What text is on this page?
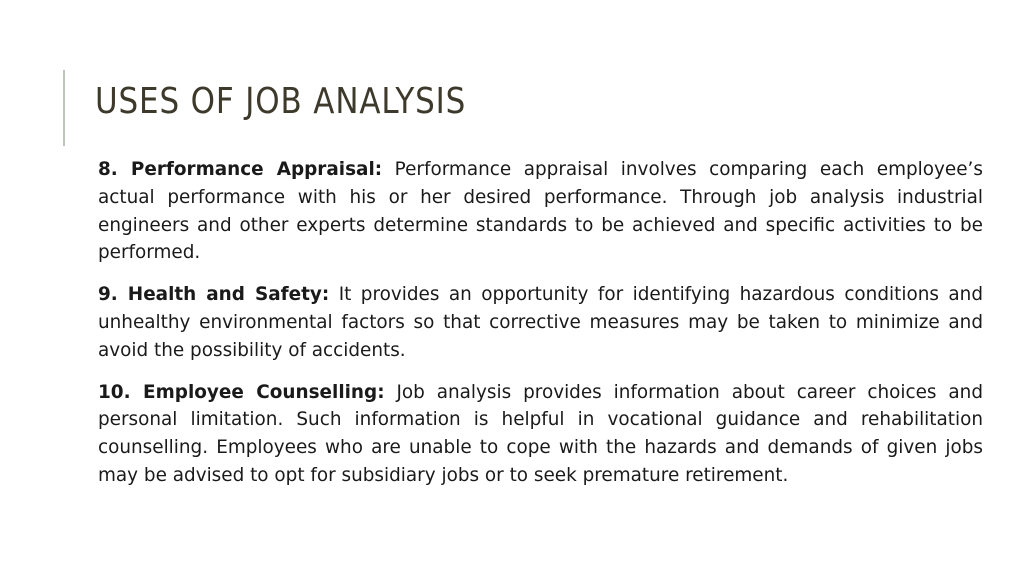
USES OF JOB ANALYSIS

8. Performance Appraisal: Performance appraisal involves comparing each employee’s actual performance with his or her desired performance. Through job analysis industrial engineers and other experts determine standards to be achieved and specific activities to be performed.

9. Health and Safety: It provides an opportunity for identifying hazardous conditions and unhealthy environmental factors so that corrective measures may be taken to minimize and avoid the possibility of accidents.

10. Employee Counselling: Job analysis provides information about career choices and personal limitation. Such information is helpful in vocational guidance and rehabilitation counselling. Employees who are unable to cope with the hazards and demands of given jobs may be advised to opt for subsidiary jobs or to seek premature retirement.
